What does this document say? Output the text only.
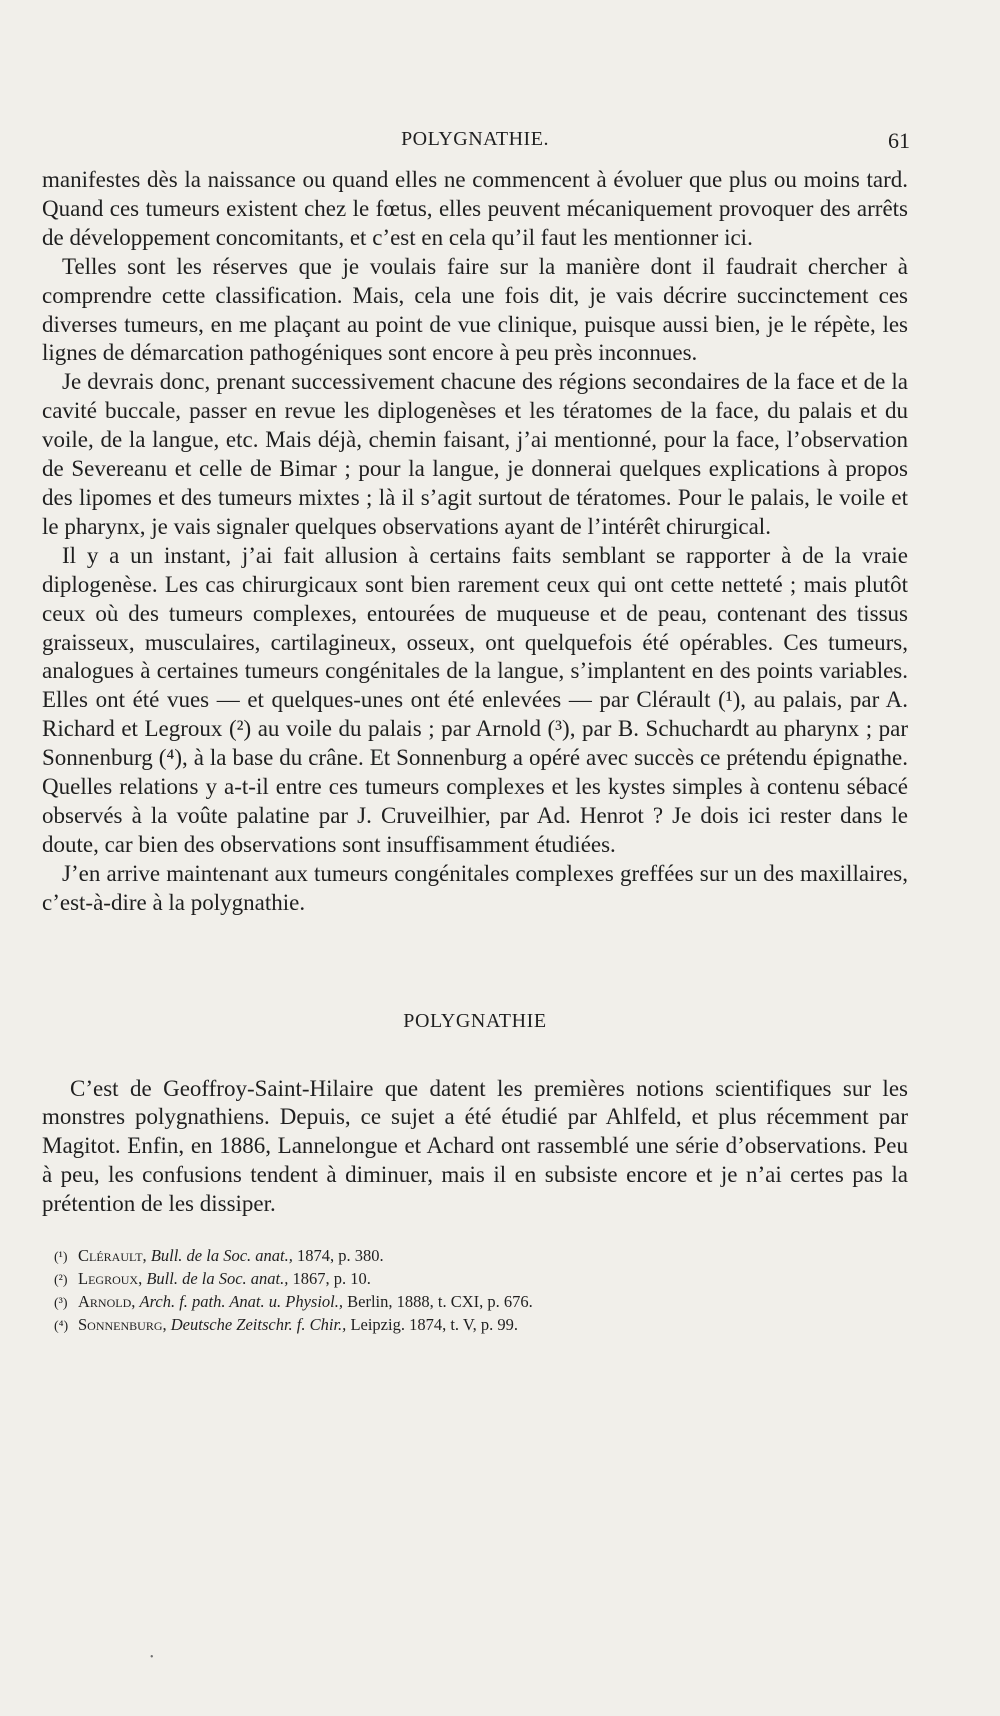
POLYGNATHIE.	61

manifestes dès la naissance ou quand elles ne commencent à évoluer que plus ou moins tard. Quand ces tumeurs existent chez le fœtus, elles peuvent mécaniquement provoquer des arrêts de développement concomitants, et c’est en cela qu’il faut les mentionner ici.

Telles sont les réserves que je voulais faire sur la manière dont il faudrait chercher à comprendre cette classification. Mais, cela une fois dit, je vais décrire succinctement ces diverses tumeurs, en me plaçant au point de vue clinique, puisque aussi bien, je le répète, les lignes de démarcation pathogéniques sont encore à peu près inconnues.

Je devrais donc, prenant successivement chacune des régions secondaires de la face et de la cavité buccale, passer en revue les diplogenèses et les tératomes de la face, du palais et du voile, de la langue, etc. Mais déjà, chemin faisant, j’ai mentionné, pour la face, l’observation de Severeanu et celle de Bimar ; pour la langue, je donnerai quelques explications à propos des lipomes et des tumeurs mixtes ; là il s’agit surtout de tératomes. Pour le palais, le voile et le pharynx, je vais signaler quelques observations ayant de l’intérêt chirurgical.

Il y a un instant, j’ai fait allusion à certains faits semblant se rapporter à de la vraie diplogenèse. Les cas chirurgicaux sont bien rarement ceux qui ont cette netteté ; mais plutôt ceux où des tumeurs complexes, entourées de muqueuse et de peau, contenant des tissus graisseux, musculaires, cartilagineux, osseux, ont quelquefois été opérables. Ces tumeurs, analogues à certaines tumeurs congénitales de la langue, s’implantent en des points variables. Elles ont été vues — et quelques-unes ont été enlevées — par Clérault (¹), au palais, par A. Richard et Legroux (²) au voile du palais ; par Arnold (³), par B. Schuchardt au pharynx ; par Sonnenburg (⁴), à la base du crâne. Et Sonnenburg a opéré avec succès ce prétendu épignathe. Quelles relations y a-t-il entre ces tumeurs complexes et les kystes simples à contenu sébacé observés à la voûte palatine par J. Cruveilhier, par Ad. Henrot ? Je dois ici rester dans le doute, car bien des observations sont insuffisamment étudiées.

J’en arrive maintenant aux tumeurs congénitales complexes greffées sur un des maxillaires, c’est-à-dire à la polygnathie.

POLYGNATHIE

C’est de Geoffroy-Saint-Hilaire que datent les premières notions scientifiques sur les monstres polygnathiens. Depuis, ce sujet a été étudié par Ahlfeld, et plus récemment par Magitot. Enfin, en 1886, Lannelongue et Achard ont rassemblé une série d’observations. Peu à peu, les confusions tendent à diminuer, mais il en subsiste encore et je n’ai certes pas la prétention de les dissiper.

(¹) Clérault, Bull. de la Soc. anat., 1874, p. 380.
(²) Legroux, Bull. de la Soc. anat., 1867, p. 10.
(³) Arnold, Arch. f. path. Anat. u. Physiol., Berlin, 1888, t. CXI, p. 676.
(⁴) Sonnenburg, Deutsche Zeitschr. f. Chir., Leipzig. 1874, t. V, p. 99.
•
